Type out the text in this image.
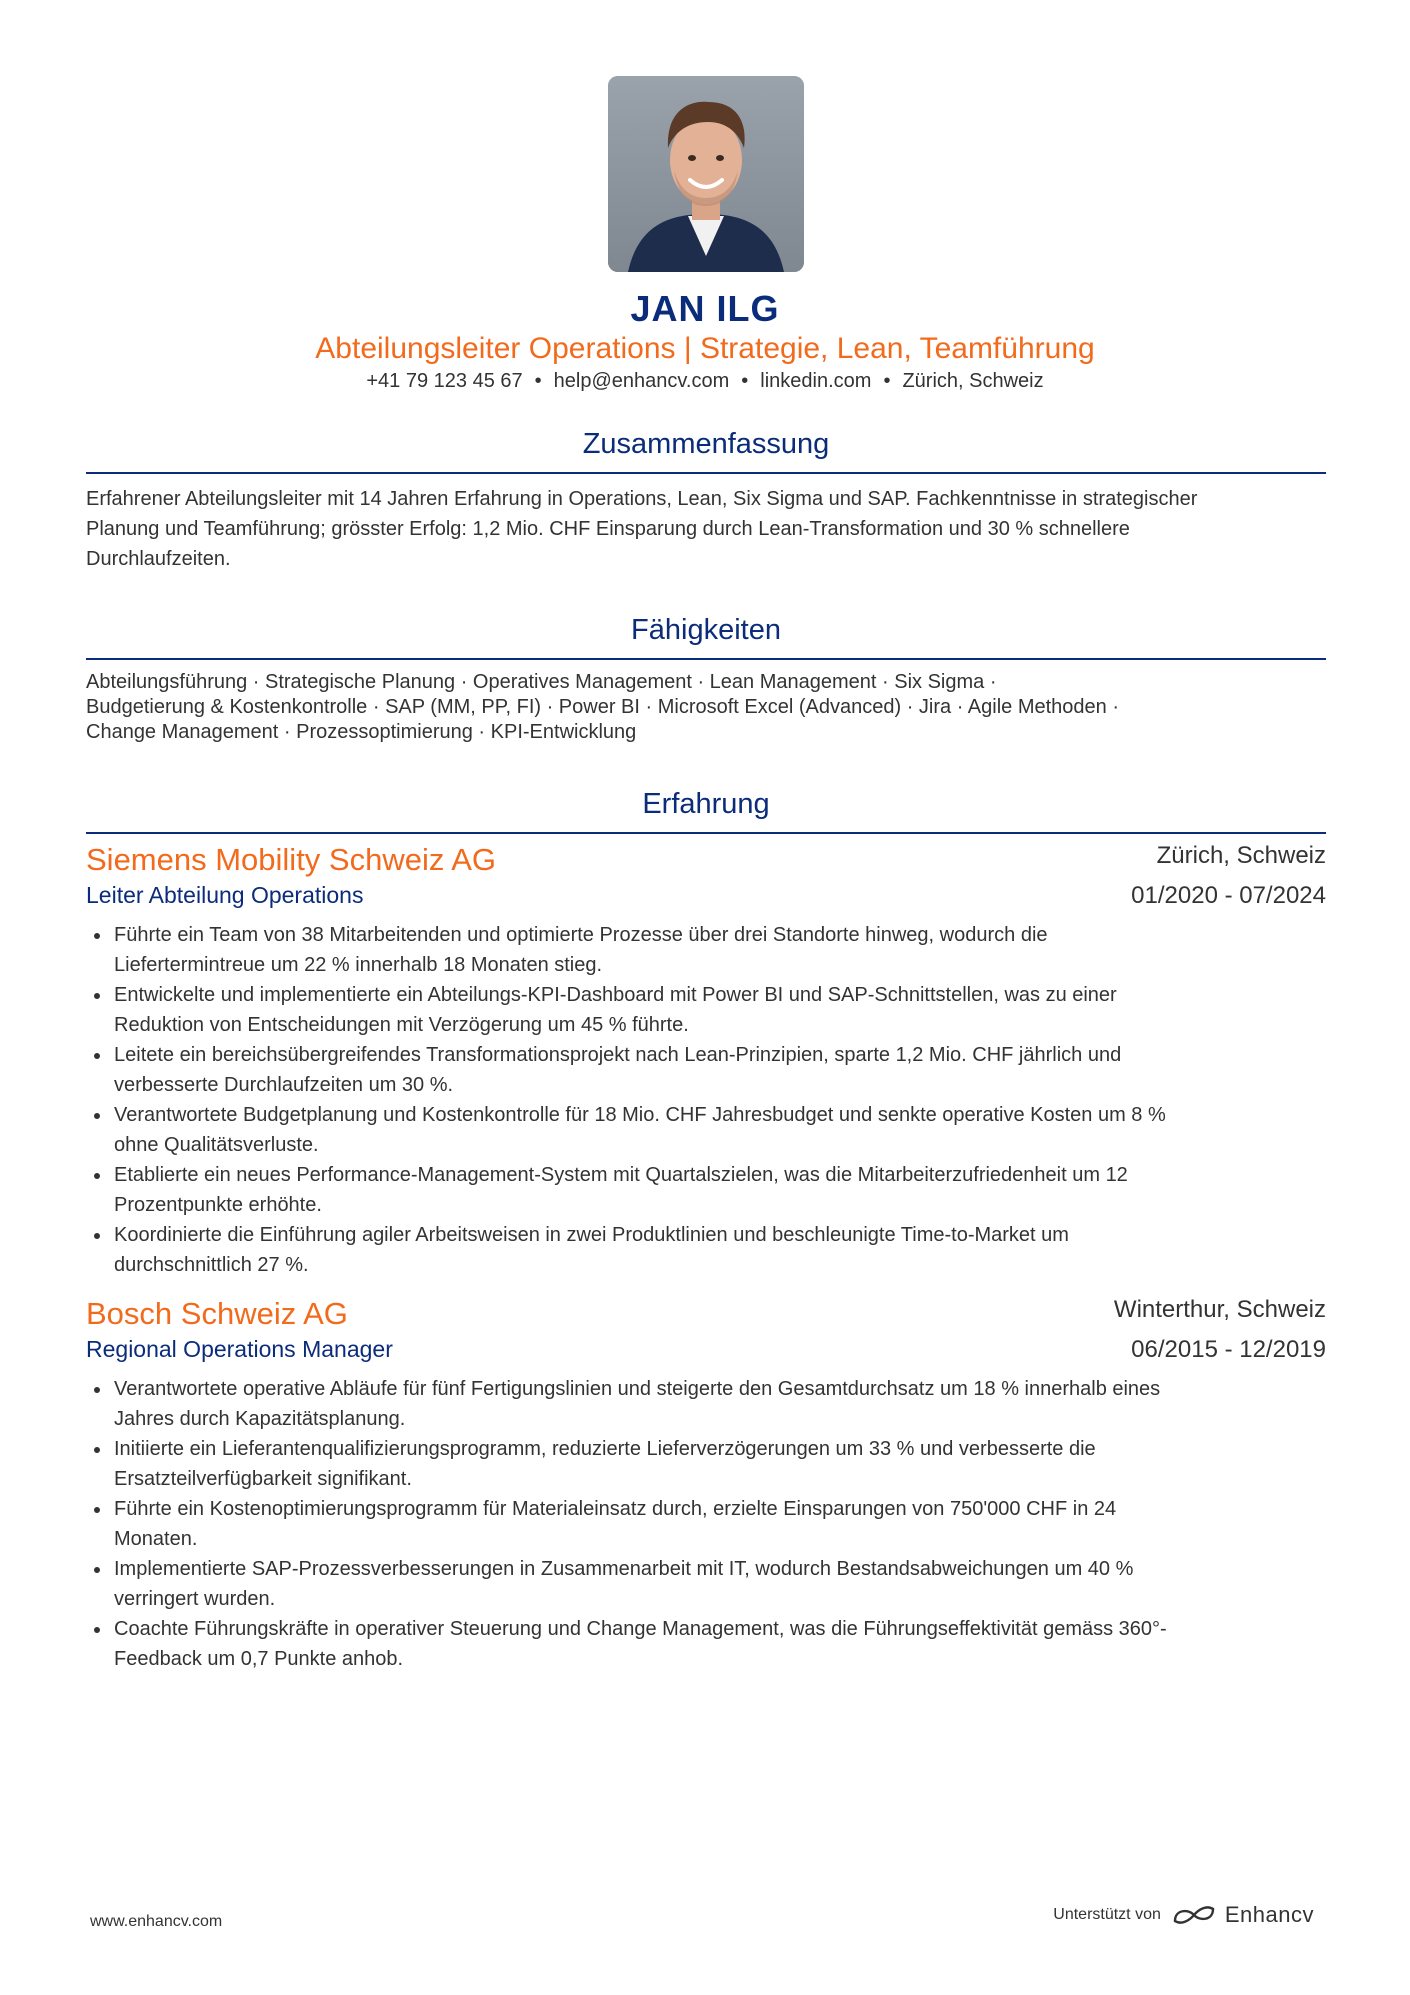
JAN ILG
Abteilungsleiter Operations | Strategie, Lean, Teamführung
+41 79 123 45 67 • help@enhancv.com • linkedin.com • Zürich, Schweiz
Zusammenfassung
Erfahrener Abteilungsleiter mit 14 Jahren Erfahrung in Operations, Lean, Six Sigma und SAP. Fachkenntnisse in strategischer
Planung und Teamführung; grösster Erfolg: 1,2 Mio. CHF Einsparung durch Lean-Transformation und 30 % schnellere
Durchlaufzeiten.
Fähigkeiten
Abteilungsführung · Strategische Planung · Operatives Management · Lean Management · Six Sigma ·
Budgetierung & Kostenkontrolle · SAP (MM, PP, FI) · Power BI · Microsoft Excel (Advanced) · Jira · Agile Methoden ·
Change Management · Prozessoptimierung · KPI-Entwicklung
Erfahrung
Siemens Mobility Schweiz AG	Zürich, Schweiz
Leiter Abteilung Operations	01/2020 - 07/2024
Führte ein Team von 38 Mitarbeitenden und optimierte Prozesse über drei Standorte hinweg, wodurch die
Liefertermintreue um 22 % innerhalb 18 Monaten stieg.
Entwickelte und implementierte ein Abteilungs-KPI-Dashboard mit Power BI und SAP-Schnittstellen, was zu einer
Reduktion von Entscheidungen mit Verzögerung um 45 % führte.
Leitete ein bereichsübergreifendes Transformationsprojekt nach Lean-Prinzipien, sparte 1,2 Mio. CHF jährlich und
verbesserte Durchlaufzeiten um 30 %.
Verantwortete Budgetplanung und Kostenkontrolle für 18 Mio. CHF Jahresbudget und senkte operative Kosten um 8 %
ohne Qualitätsverluste.
Etablierte ein neues Performance-Management-System mit Quartalszielen, was die Mitarbeiterzufriedenheit um 12
Prozentpunkte erhöhte.
Koordinierte die Einführung agiler Arbeitsweisen in zwei Produktlinien und beschleunigte Time-to-Market um
durchschnittlich 27 %.
Bosch Schweiz AG	Winterthur, Schweiz
Regional Operations Manager	06/2015 - 12/2019
Verantwortete operative Abläufe für fünf Fertigungslinien und steigerte den Gesamtdurchsatz um 18 % innerhalb eines
Jahres durch Kapazitätsplanung.
Initiierte ein Lieferantenqualifizierungsprogramm, reduzierte Lieferverzögerungen um 33 % und verbesserte die
Ersatzteilverfügbarkeit signifikant.
Führte ein Kostenoptimierungsprogramm für Materialeinsatz durch, erzielte Einsparungen von 750'000 CHF in 24
Monaten.
Implementierte SAP-Prozessverbesserungen in Zusammenarbeit mit IT, wodurch Bestandsabweichungen um 40 %
verringert wurden.
Coachte Führungskräfte in operativer Steuerung und Change Management, was die Führungseffektivität gemäss 360°-
Feedback um 0,7 Punkte anhob.
www.enhancv.com	Unterstützt von	Enhancv
